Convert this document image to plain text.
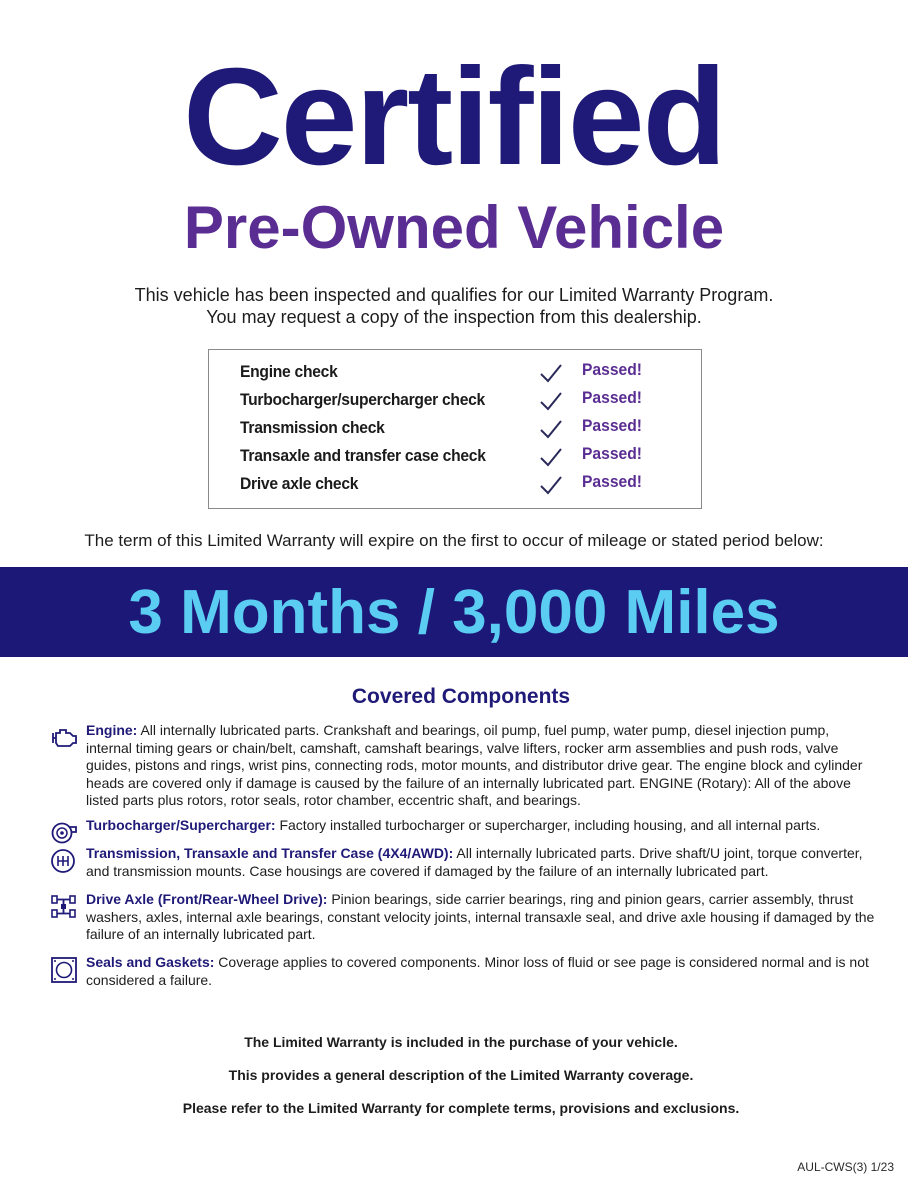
Certified
Pre-Owned Vehicle
This vehicle has been inspected and qualifies for our Limited Warranty Program.
You may request a copy of the inspection from this dealership.
Engine check	Passed!
Turbocharger/supercharger check	Passed!
Transmission check	Passed!
Transaxle and transfer case check	Passed!
Drive axle check	Passed!
The term of this Limited Warranty will expire on the first to occur of mileage or stated period below:
3 Months / 3,000 Miles
Covered Components
Engine: All internally lubricated parts. Crankshaft and bearings, oil pump, fuel pump, water pump, diesel injection pump, internal timing gears or chain/belt, camshaft, camshaft bearings, valve lifters, rocker arm assemblies and push rods, valve guides, pistons and rings, wrist pins, connecting rods, motor mounts, and distributor drive gear. The engine block and cylinder heads are covered only if damage is caused by the failure of an internally lubricated part. ENGINE (Rotary): All of the above listed parts plus rotors, rotor seals, rotor chamber, eccentric shaft, and bearings.
Turbocharger/Supercharger: Factory installed turbocharger or supercharger, including housing, and all internal parts.
Transmission, Transaxle and Transfer Case (4X4/AWD): All internally lubricated parts. Drive shaft/U joint, torque converter, and transmission mounts. Case housings are covered if damaged by the failure of an internally lubricated part.
Drive Axle (Front/Rear-Wheel Drive): Pinion bearings, side carrier bearings, ring and pinion gears, carrier assembly, thrust washers, axles, internal axle bearings, constant velocity joints, internal transaxle seal, and drive axle housing if damaged by the failure of an internally lubricated part.
Seals and Gaskets: Coverage applies to covered components. Minor loss of fluid or see page is considered normal and is not considered a failure.
The Limited Warranty is included in the purchase of your vehicle.
This provides a general description of the Limited Warranty coverage.
Please refer to the Limited Warranty for complete terms, provisions and exclusions.
AUL-CWS(3) 1/23
